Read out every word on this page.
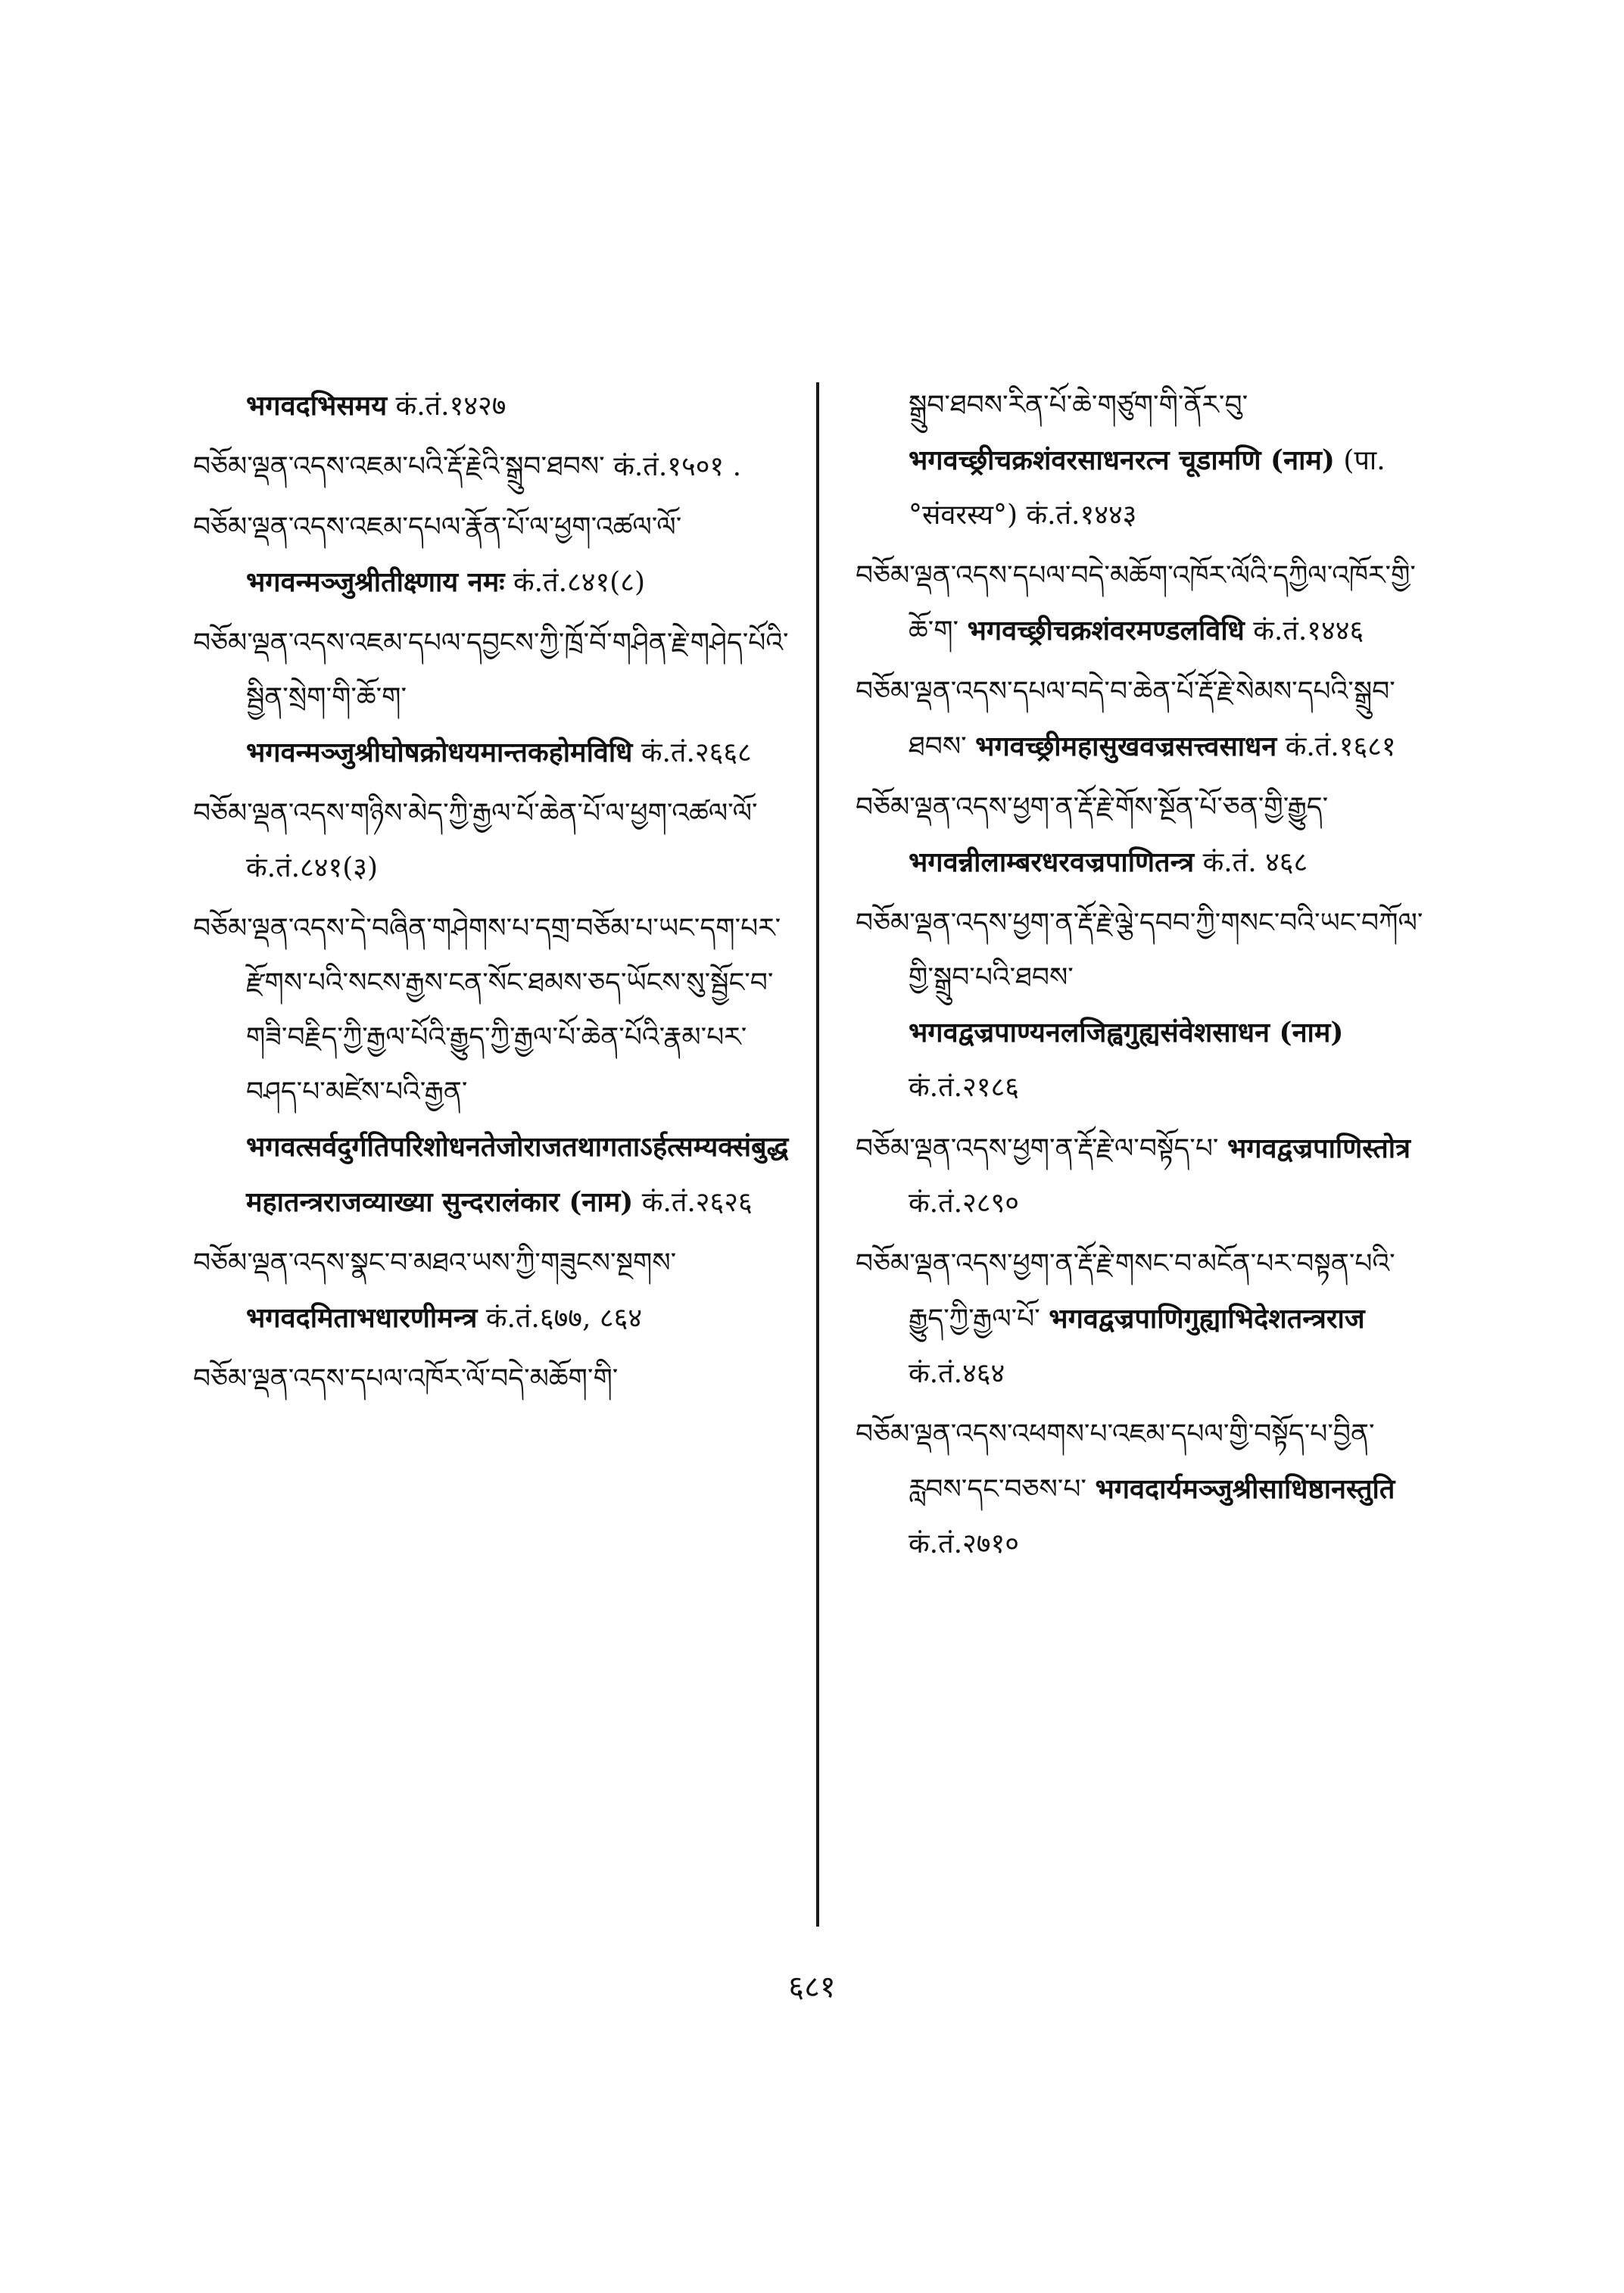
भगवदभिसमय कं.तं.१४२७

བཅོམ་ལྡན་འདས་འཇམ་པའི་རྡོ་རྗེའི་སྒྲུབ་ཐབས་ कं.तं.१५०१ .

བཅོམ་ལྡན་འདས་འཇམ་དཔལ་རྣོན་པོ་ལ་ཕྱག་འཚལ་ལོ་ भगवन्मञ्जुश्रीतीक्ष्णाय नमः कं.तं.८४१(८)

བཅོམ་ལྡན་འདས་འཇམ་དཔལ་དབྱངས་ཀྱི་ཁྲོ་བོ་གཤིན་རྗེ་གཤེད་པོའི་སྦྱིན་སྲེག་གི་ཆོ་ག་ भगवन्मञ्जुश्रीघोषक्रोधयमान्तकहोमविधि कं.तं.२६६८

བཅོམ་ལྡན་འདས་གཉིས་མེད་ཀྱི་རྒྱལ་པོ་ཆེན་པོ་ལ་ཕྱག་འཚལ་ལོ་ कं.तं.८४१(३)

བཅོམ་ལྡན་འདས་དེ་བཞིན་གཤེགས་པ་དགྲ་བཅོམ་པ་ཡང་དག་པར་རྫོགས་པའི་སངས་རྒྱས་ངན་སོང་ཐམས་ཅད་ཡོངས་སུ་སྦྱོང་བ་གཟི་བརྗིད་ཀྱི་རྒྱལ་པོའི་རྒྱུད་ཀྱི་རྒྱལ་པོ་ཆེན་པོའི་རྣམ་པར་བཤད་པ་མཛེས་པའི་རྒྱན་ भगवत्सर्वदुर्गतिपरिशोधनतेजोराजतथागताऽर्हत्सम्यक्संबुद्धमहातन्त्रराजव्याख्या सुन्दरालंकार (नाम) कं.तं.२६२६

བཅོམ་ལྡན་འདས་སྣང་བ་མཐའ་ཡས་ཀྱི་གཟུངས་སྔགས་ भगवदमिताभधारणीमन्त्र कं.तं.६७७, ८६४

བཅོམ་ལྡན་འདས་དཔལ་འཁོར་ལོ་བདེ་མཆོག་གི་

སྒྲུབ་ཐབས་རིན་པོ་ཆེ་གཙུག་གི་ནོར་བུ་ भगवच्छ्रीचक्रशंवरसाधनरत्न चूडामणि (नाम) (पा. °संवरस्य°) कं.तं.१४४३

བཅོམ་ལྡན་འདས་དཔལ་བདེ་མཆོག་འཁོར་ལོའི་དཀྱིལ་འཁོར་གྱི་ཆོ་ག་ भगवच्छ्रीचक्रशंवरमण्डलविधि कं.तं.१४४६

བཅོམ་ལྡན་འདས་དཔལ་བདེ་བ་ཆེན་པོ་རྡོ་རྗེ་སེམས་དཔའི་སྒྲུབ་ཐབས་ भगवच्छ्रीमहासुखवज्रसत्त्वसाधन कं.तं.१६८१

བཅོམ་ལྡན་འདས་ཕྱག་ན་རྡོ་རྗེ་གོས་སྔོན་པོ་ཅན་གྱི་རྒྱུད་ भगवन्नीलाम्बरधरवज्रपाणितन्त्र कं.तं. ४६८

བཅོམ་ལྡན་འདས་ཕྱག་ན་རྡོ་རྗེ་ལྕེ་དབབ་ཀྱི་གསང་བའི་ཡང་བཀོལ་གྱི་སྒྲུབ་པའི་ཐབས་ भगवद्वज्रपाण्यनलजिह्वगुह्यसंवेशसाधन (नाम) कं.तं.२१८६

བཅོམ་ལྡན་འདས་ཕྱག་ན་རྡོ་རྗེ་ལ་བསྟོད་པ་ भगवद्वज्रपाणिस्तोत्र कं.तं.२८९०

བཅོམ་ལྡན་འདས་ཕྱག་ན་རྡོ་རྗེ་གསང་བ་མངོན་པར་བསྟན་པའི་རྒྱུད་ཀྱི་རྒྱལ་པོ་ भगवद्वज्रपाणिगुह्याभिदेशतन्त्रराज कं.तं.४६४

བཅོམ་ལྡན་འདས་འཕགས་པ་འཇམ་དཔལ་གྱི་བསྟོད་པ་བྱིན་རླབས་དང་བཅས་པ་ भगवदार्यमञ्जुश्रीसाधिष्ठानस्तुति कं.तं.२७१०

६८१
